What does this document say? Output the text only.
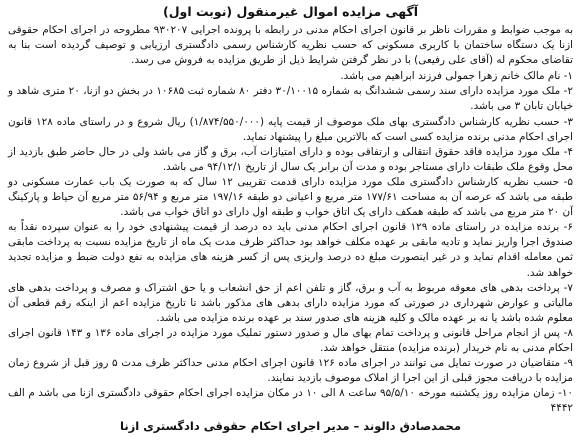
آگهی مزایده اموال غیرمنقول (نوبت اول)

به موجب ضوابط و مقررات ناظر بر قانون اجرای احکام مدنی در رابطه با پرونده اجرایی ۹۳۰۲۰۷ مطروحه در اجرای احکام حقوقی ازنا یک دستگاه ساختمان با کاربری مسکونی که حسب نظریه کارشناس رسمی دادگستری ارزیابی و توصیف گردیده است بنا به تقاضای محکوم له (آقای علی رفیعی) با در نظر گرفتن شرایط ذیل از طریق مزایده به فروش می رسد.

۱- نام مالک خانم زهرا جمولی فرزند ابراهیم می باشد.

۲- ملک مورد مزایده دارای سند رسمی ششدانگ به شماره ۳۰/۱۰۰۱۵ دفتر ۸۰ شماره ثبت ۱۰۶۸۵ در بخش دو ازنا، ۲۰ متری شاهد و خیابان تابان ۳ می باشد.

۳- حسب نظریه کارشناس دادگستری بهای ملک موصوف از قیمت پایه (۱/۸۷۴/۵۵۰/۰۰۰) ریال شروع و در راستای ماده ۱۲۸ قانون اجرای احکام مدنی برنده مزایده کسی است که بالاترین مبلغ را پیشنهاد نماید.

۴- ملک مورد مزایده فاقد حقوق انتقالی و ارتفاقی بوده و دارای امتیازات آب، برق و گاز می باشد ولی در حال حاضر طبق بازدید از محل وقوع ملک طبقات دارای مستاجر بوده و مدت آن برابر یک سال از تاریخ ۹۴/۱۲/۱ می باشد.

۵- حسب نظریه کارشناس دادگستری ملک مورد مزایده دارای قدمت تقریبی ۱۲ سال که به صورت یک باب عمارت مسکونی دو طبقه می باشد که عرصه آن به مساحت ۱۷۷/۶۱ متر مربع و اعیانی دو طبقه ۱۹۷/۱۶ متر مربع و ۵۶/۹۴ متر مربع آن حیاط و پارکینگ آن ۲۰ متر مربع می باشد که طبقه همکف دارای یک اتاق خواب و طبقه اول دارای دو اتاق خواب می باشد.

۶- برنده مزایده در راستای ماده ۱۲۹ قانون اجرای احکام مدنی باید ده درصد از قیمت پیشنهادی خود را به عنوان سپرده نقداً به صندوق اجرا واریز نماید و تادیه مابقی بر عهده مکلف خواهد بود حداکثر ظرف مدت یک ماه از تاریخ مزایده نسبت به پرداخت مابقی ثمن معامله اقدام نماید و در غیر اینصورت مبلغ ده درصد واریزی پس از کسر هزینه های مزایده به نفع دولت ضبط و مزایده تجدید خواهد شد.

۷- پرداخت بدهی های معوقه مربوط به آب و برق، گاز و تلفن اعم از حق انشعاب و یا حق اشتراک و مصرف و پرداخت بدهی های مالیاتی و عوارض شهرداری در صورتی که مورد مزایده دارای بدهی های مذکور باشد تا تاریخ مزایده اعم از اینکه رقم قطعی آن معلوم شده باشد یا نه بر عهده مالک و کلیه هزینه های صدور سند بر عهده برنده مزایده می باشد.

۸- پس از انجام مراحل قانونی و پرداخت تمام بهای مال و صدور دستور تملیک مورد مزایده در اجرای ماده ۱۳۶ و ۱۴۳ قانون اجرای احکام مدنی به نام خریدار (برنده مزایده) منتقل خواهد شد.

۹- متقاضیان در صورت تمایل می توانند در اجرای ماده ۱۲۶ قانون اجرای احکام مدنی حداکثر ظرف مدت ۵ روز قبل از شروع زمان مزایده با دریافت مجوز قبلی از این اجرا از املاک موصوف بازدید نمایند.

۱۰- زمان مزایده روز یکشنبه مورخه ۹۵/۵/۱۰ ساعت ۸ الی ۱۰ در مکان مزایده اجرای احکام حقوقی دادگستری ازنا می باشد م الف ۴۴۴۲

محمدصادق دالوند – مدیر اجرای احکام حقوقی دادگستری ازنا
